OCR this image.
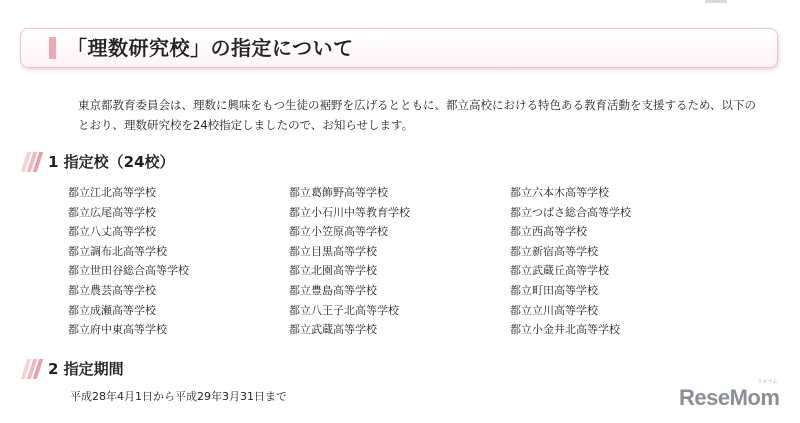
「理数研究校」の指定について
東京都教育委員会は、理数に興味をもつ生徒の裾野を広げるとともに、都立高校における特色ある教育活動を支援するため、以下のとおり、理数研究校を24校指定しましたので、お知らせします。
1 指定校（24校）
都立江北高等学校
都立広尾高等学校
都立八丈高等学校
都立調布北高等学校
都立世田谷総合高等学校
都立農芸高等学校
都立成瀬高等学校
都立府中東高等学校
都立葛飾野高等学校
都立小石川中等教育学校
都立小笠原高等学校
都立目黒高等学校
都立北園高等学校
都立豊島高等学校
都立八王子北高等学校
都立武蔵高等学校
都立六本木高等学校
都立つばさ総合高等学校
都立西高等学校
都立新宿高等学校
都立武蔵丘高等学校
都立町田高等学校
都立立川高等学校
都立小金井北高等学校
2 指定期間
平成28年4月1日から平成29年3月31日まで	ReseMom
リセマム
